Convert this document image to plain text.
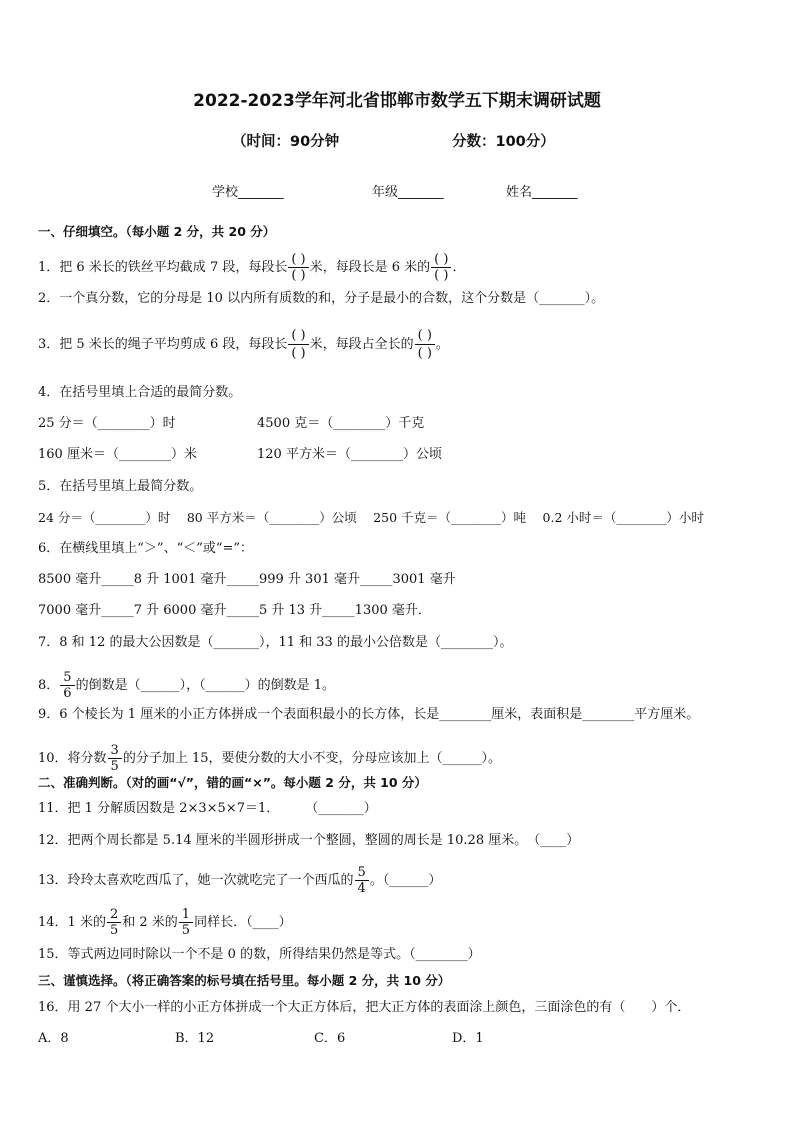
2022-2023学年河北省邯郸市数学五下期末调研试题
（时间：90分钟	分数：100分）
学校_______	年级_______	姓名_______
一、仔细填空。（每小题 2 分，共 20 分）
1．把 6 米长的铁丝平均截成 7 段，每段长 $\frac{( )}{( )}$ 米，每段长是 6 米的 $\frac{( )}{( )}$ ．
2．一个真分数，它的分母是 10 以内所有质数的和，分子是最小的合数，这个分数是（_______）。
3．把 5 米长的绳子平均剪成 6 段，每段长 $\frac{( )}{( )}$ 米，每段占全长的 $\frac{( )}{( )}$ 。
4．在括号里填上合适的最简分数。
25 分＝（________）时	4500 克＝（________）千克
160 厘米＝（________）米	120 平方米＝（________）公顷
5．在括号里填上最简分数。
24 分＝（________）时　 80 平方米＝（________）公顷　 250 千克＝（________）吨　 0.2 小时＝（________）小时
6．在横线里填上“＞”、“＜”或“=”：
8500 毫升_____8 升 1001 毫升_____999 升 301 毫升_____3001 毫升
7000 毫升_____7 升 6000 毫升_____5 升 13 升_____1300 毫升．
7．8 和 12 的最大公因数是（_______），11 和 33 的最小公倍数是（________）。
8． $\frac{5}{6}$ 的倒数是（______），（______）的倒数是 1。
9．6 个棱长为 1 厘米的小正方体拼成一个表面积最小的长方体，长是________厘米，表面积是________平方厘米。
10．将分数 $\frac{3}{5}$ 的分子加上 15，要使分数的大小不变，分母应该加上（______）。
二、准确判断。（对的画“√”，错的画“×”。每小题 2 分，共 10 分）
11．把 1 分解质因数是 2×3×5×7＝1．　　　（_______）
12．把两个周长都是 5.14 厘米的半圆形拼成一个整圆，整圆的周长是 10.28 厘米。　（____）
13．玲玲太喜欢吃西瓜了，她一次就吃完了一个西瓜的 $\frac{5}{4}$ 。（______）
14．1 米的 $\frac{2}{5}$ 和 2 米的 $\frac{1}{5}$ 同样长．（____）
15．等式两边同时除以一个不是 0 的数，所得结果仍然是等式。（________）
三、谨慎选择。（将正确答案的标号填在括号里。每小题 2 分，共 10 分）
16．用 27 个大小一样的小正方体拼成一个大正方体后，把大正方体的表面涂上颜色，三面涂色的有（　　）个．
A．8	B．12	C．6	D．1
